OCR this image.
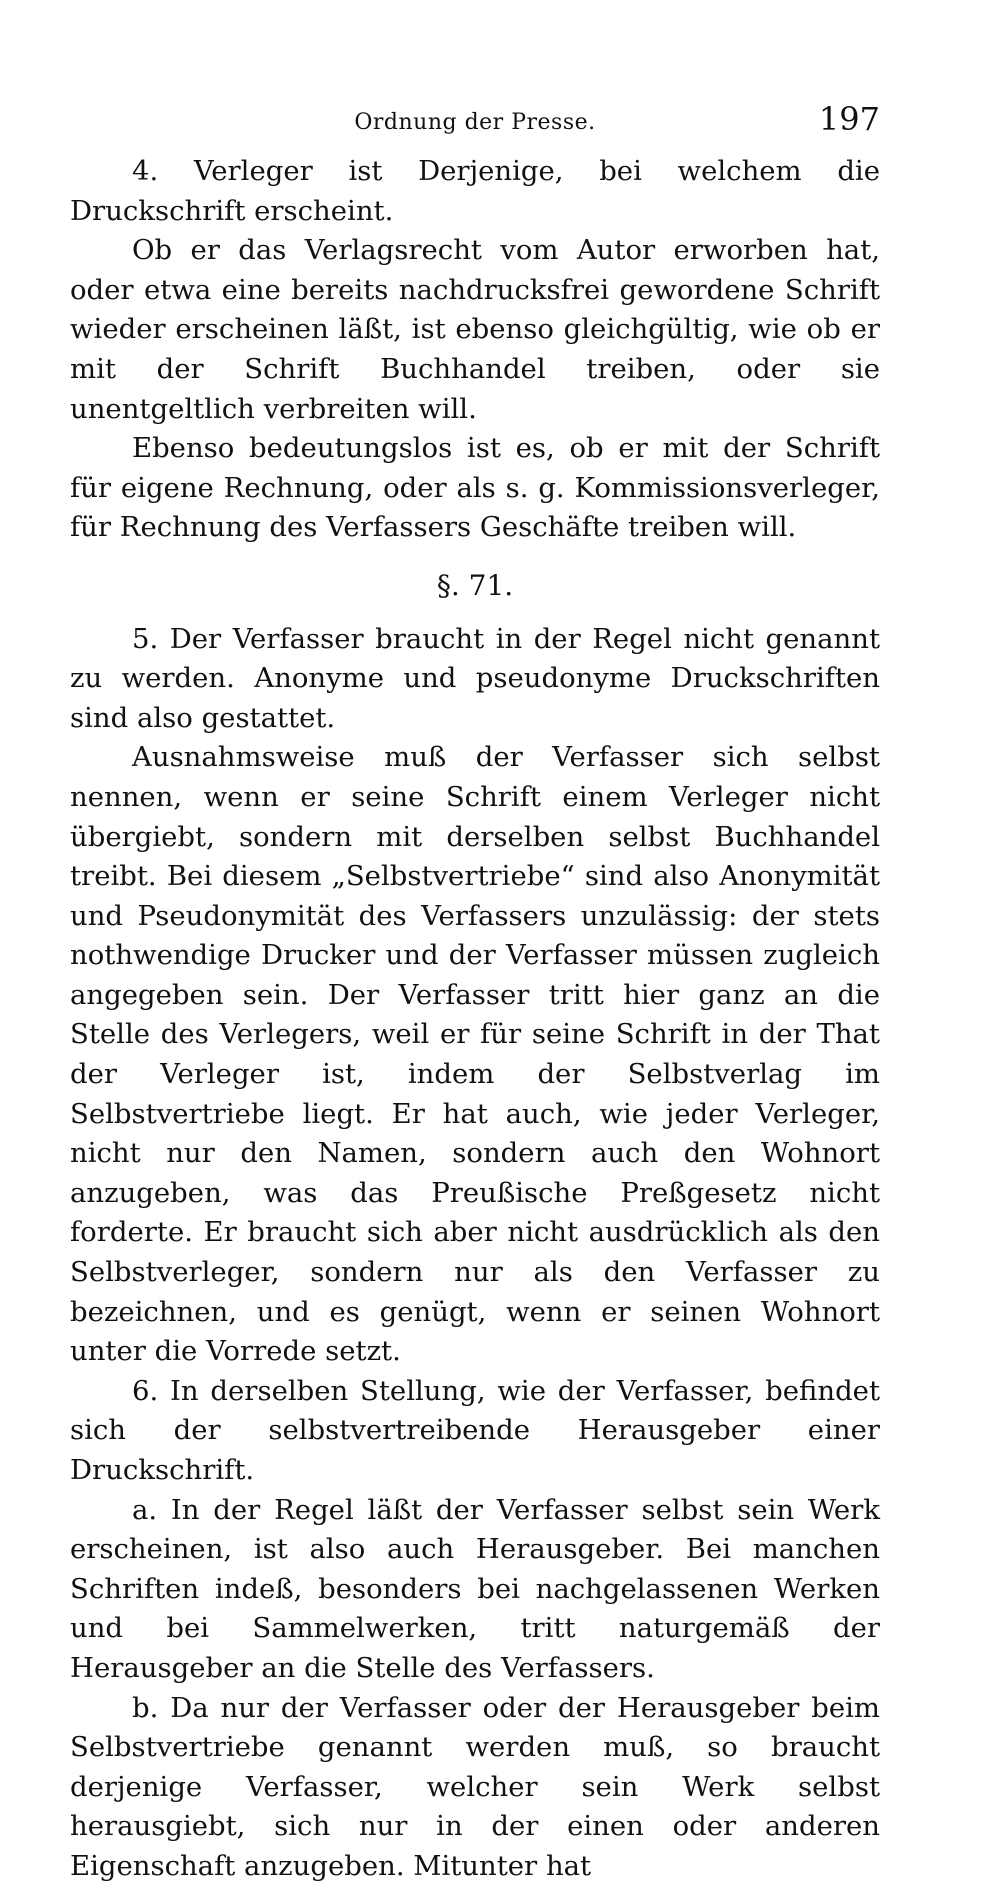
Ordnung der Presse.	197

4. Verleger ist Derjenige, bei welchem die Druckschrift erscheint.

Ob er das Verlagsrecht vom Autor erworben hat, oder etwa eine bereits nachdrucksfrei gewordene Schrift wieder erscheinen läßt, ist ebenso gleichgültig, wie ob er mit der Schrift Buchhandel treiben, oder sie unentgeltlich verbreiten will.

Ebenso bedeutungslos ist es, ob er mit der Schrift für eigene Rechnung, oder als s. g. Kommissionsverleger, für Rechnung des Verfassers Geschäfte treiben will.

§. 71.

5. Der Verfasser braucht in der Regel nicht genannt zu werden. Anonyme und pseudonyme Druckschriften sind also gestattet.

Ausnahmsweise muß der Verfasser sich selbst nennen, wenn er seine Schrift einem Verleger nicht übergiebt, sondern mit derselben selbst Buchhandel treibt. Bei diesem „Selbstvertriebe“ sind also Anonymität und Pseudonymität des Verfassers unzulässig: der stets nothwendige Drucker und der Verfasser müssen zugleich angegeben sein. Der Verfasser tritt hier ganz an die Stelle des Verlegers, weil er für seine Schrift in der That der Verleger ist, indem der Selbstverlag im Selbstvertriebe liegt. Er hat auch, wie jeder Verleger, nicht nur den Namen, sondern auch den Wohnort anzugeben, was das Preußische Preßgesetz nicht forderte. Er braucht sich aber nicht ausdrücklich als den Selbstverleger, sondern nur als den Verfasser zu bezeichnen, und es genügt, wenn er seinen Wohnort unter die Vorrede setzt.

6. In derselben Stellung, wie der Verfasser, befindet sich der selbstvertreibende Herausgeber einer Druckschrift.

a. In der Regel läßt der Verfasser selbst sein Werk erscheinen, ist also auch Herausgeber. Bei manchen Schriften indeß, besonders bei nachgelassenen Werken und bei Sammelwerken, tritt naturgemäß der Herausgeber an die Stelle des Verfassers.

b. Da nur der Verfasser oder der Herausgeber beim Selbstvertriebe genannt werden muß, so braucht derjenige Verfasser, welcher sein Werk selbst herausgiebt, sich nur in der einen oder anderen Eigenschaft anzugeben. Mitunter hat
